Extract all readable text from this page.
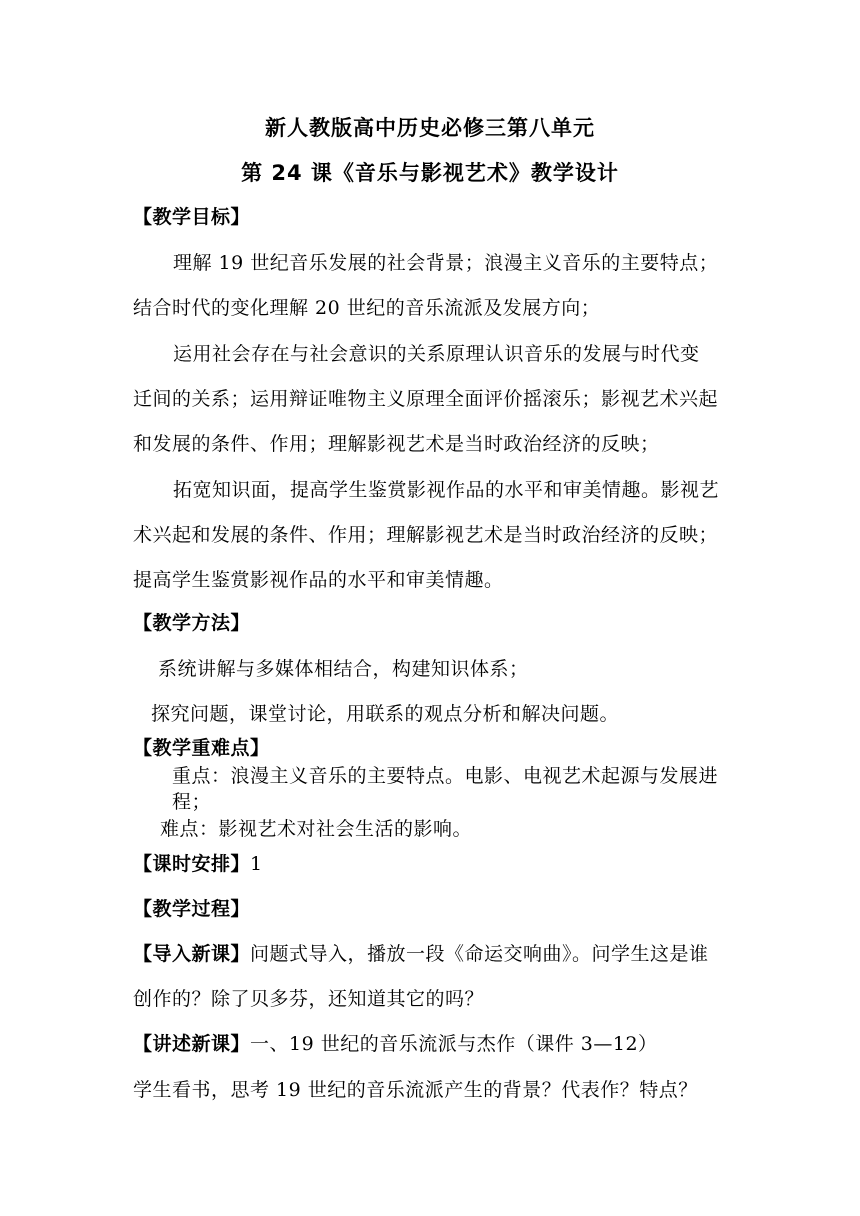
新人教版高中历史必修三第八单元
第 24 课《音乐与影视艺术》教学设计
【教学目标】
理解 19 世纪音乐发展的社会背景；浪漫主义音乐的主要特点；
结合时代的变化理解 20 世纪的音乐流派及发展方向；
运用社会存在与社会意识的关系原理认识音乐的发展与时代变
迁间的关系；运用辩证唯物主义原理全面评价摇滚乐；影视艺术兴起
和发展的条件、作用；理解影视艺术是当时政治经济的反映；
拓宽知识面，提高学生鉴赏影视作品的水平和审美情趣。影视艺
术兴起和发展的条件、作用；理解影视艺术是当时政治经济的反映；
提高学生鉴赏影视作品的水平和审美情趣。
【教学方法】
系统讲解与多媒体相结合，构建知识体系；
探究问题，课堂讨论，用联系的观点分析和解决问题。
【教学重难点】
重点：浪漫主义音乐的主要特点。电影、电视艺术起源与发展进
程；
难点：影视艺术对社会生活的影响。
【课时安排】1
【教学过程】
【导入新课】问题式导入，播放一段《命运交响曲》。问学生这是谁
创作的？除了贝多芬，还知道其它的吗？
【讲述新课】一、19 世纪的音乐流派与杰作（课件 3—12）
学生看书，思考 19 世纪的音乐流派产生的背景？代表作？特点？
